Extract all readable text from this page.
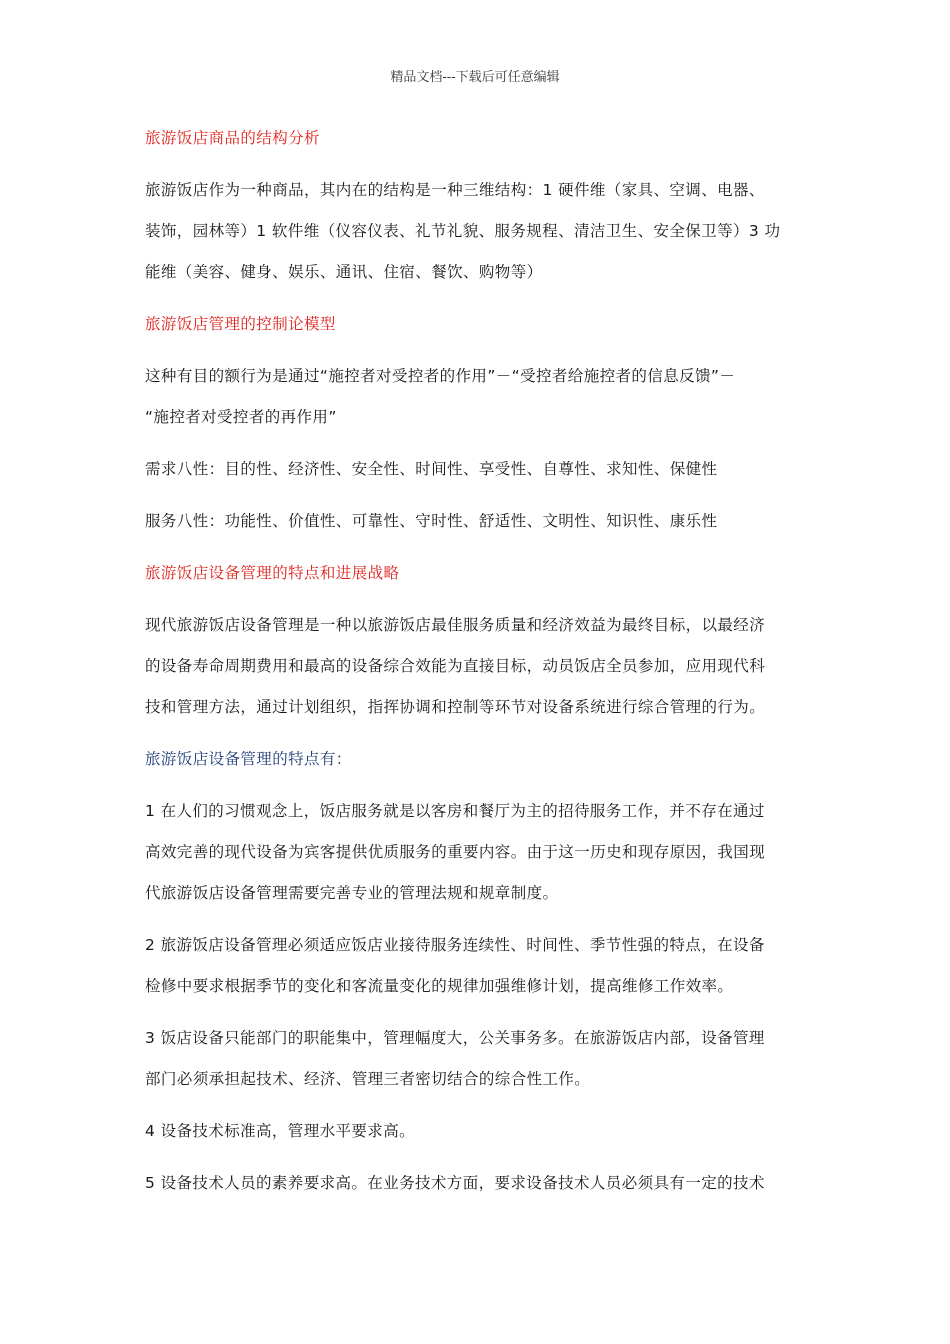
精品文档---下载后可任意编辑
旅游饭店商品的结构分析
旅游饭店作为一种商品，其内在的结构是一种三维结构：1 硬件维（家具、空调、电器、
装饰，园林等）1 软件维（仪容仪表、礼节礼貌、服务规程、清洁卫生、安全保卫等）3 功
能维（美容、健身、娱乐、通讯、住宿、餐饮、购物等）
旅游饭店管理的控制论模型
这种有目的额行为是通过“施控者对受控者的作用”－“受控者给施控者的信息反馈”－
“施控者对受控者的再作用”
需求八性：目的性、经济性、安全性、时间性、享受性、自尊性、求知性、保健性
服务八性：功能性、价值性、可靠性、守时性、舒适性、文明性、知识性、康乐性
旅游饭店设备管理的特点和进展战略
现代旅游饭店设备管理是一种以旅游饭店最佳服务质量和经济效益为最终目标，以最经济
的设备寿命周期费用和最高的设备综合效能为直接目标，动员饭店全员参加，应用现代科
技和管理方法，通过计划组织，指挥协调和控制等环节对设备系统进行综合管理的行为。
旅游饭店设备管理的特点有：
1 在人们的习惯观念上，饭店服务就是以客房和餐厅为主的招待服务工作，并不存在通过
高效完善的现代设备为宾客提供优质服务的重要内容。由于这一历史和现存原因，我国现
代旅游饭店设备管理需要完善专业的管理法规和规章制度。
2 旅游饭店设备管理必须适应饭店业接待服务连续性、时间性、季节性强的特点，在设备
检修中要求根据季节的变化和客流量变化的规律加强维修计划，提高维修工作效率。
3 饭店设备只能部门的职能集中，管理幅度大，公关事务多。在旅游饭店内部，设备管理
部门必须承担起技术、经济、管理三者密切结合的综合性工作。
4 设备技术标准高，管理水平要求高。
5 设备技术人员的素养要求高。在业务技术方面，要求设备技术人员必须具有一定的技术
